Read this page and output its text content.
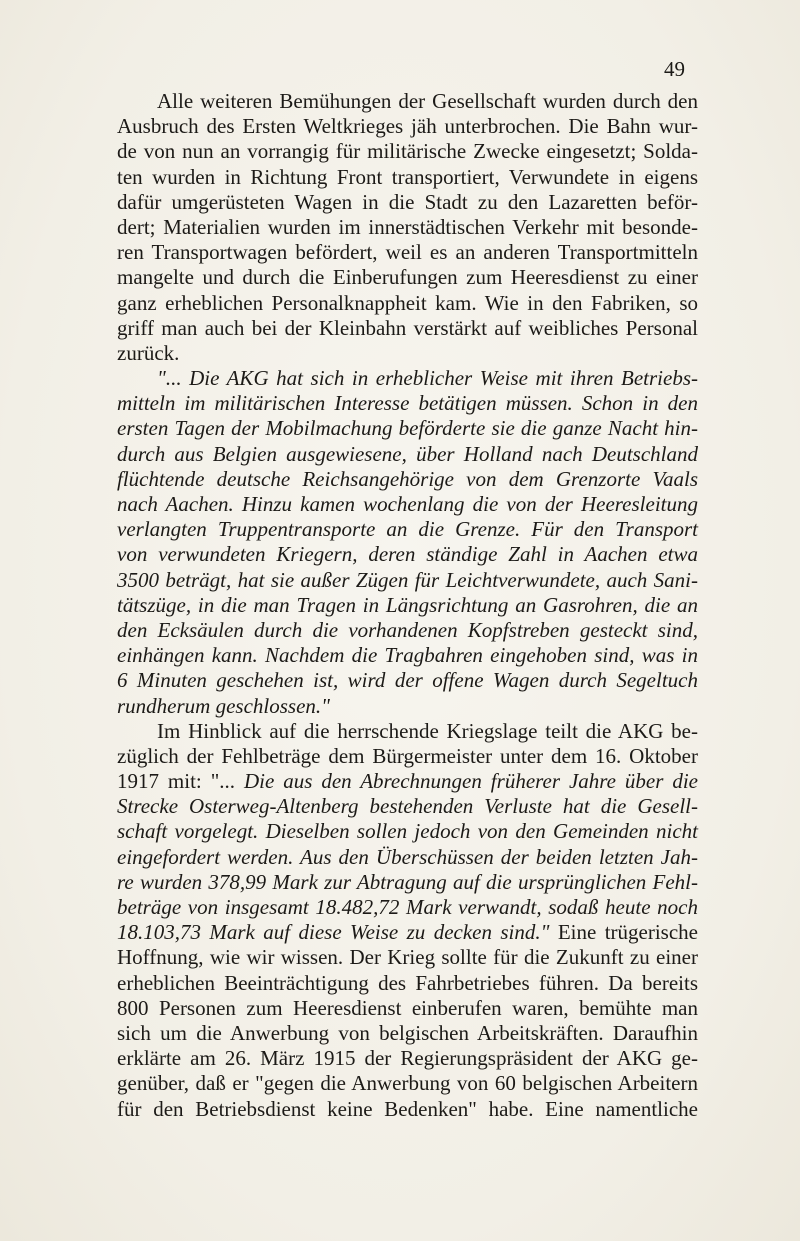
49
Alle weiteren Bemühungen der Gesellschaft wurden durch den
Ausbruch des Ersten Weltkrieges jäh unterbrochen. Die Bahn wur-
de von nun an vorrangig für militärische Zwecke eingesetzt; Solda-
ten wurden in Richtung Front transportiert, Verwundete in eigens
dafür umgerüsteten Wagen in die Stadt zu den Lazaretten beför-
dert; Materialien wurden im innerstädtischen Verkehr mit besonde-
ren Transportwagen befördert, weil es an anderen Transportmitteln
mangelte und durch die Einberufungen zum Heeresdienst zu einer
ganz erheblichen Personalknappheit kam. Wie in den Fabriken, so
griff man auch bei der Kleinbahn verstärkt auf weibliches Personal
zurück.
"... Die AKG hat sich in erheblicher Weise mit ihren Betriebs-
mitteln im militärischen Interesse betätigen müssen. Schon in den
ersten Tagen der Mobilmachung beförderte sie die ganze Nacht hin-
durch aus Belgien ausgewiesene, über Holland nach Deutschland
flüchtende deutsche Reichsangehörige von dem Grenzorte Vaals
nach Aachen. Hinzu kamen wochenlang die von der Heeresleitung
verlangten Truppentransporte an die Grenze. Für den Transport
von verwundeten Kriegern, deren ständige Zahl in Aachen etwa
3500 beträgt, hat sie außer Zügen für Leichtverwundete, auch Sani-
tätszüge, in die man Tragen in Längsrichtung an Gasrohren, die an
den Ecksäulen durch die vorhandenen Kopfstreben gesteckt sind,
einhängen kann. Nachdem die Tragbahren eingehoben sind, was in
6 Minuten geschehen ist, wird der offene Wagen durch Segeltuch
rundherum geschlossen."
Im Hinblick auf die herrschende Kriegslage teilt die AKG be-
züglich der Fehlbeträge dem Bürgermeister unter dem 16. Oktober
1917 mit: "... Die aus den Abrechnungen früherer Jahre über die
Strecke Osterweg-Altenberg bestehenden Verluste hat die Gesell-
schaft vorgelegt. Dieselben sollen jedoch von den Gemeinden nicht
eingefordert werden. Aus den Überschüssen der beiden letzten Jah-
re wurden 378,99 Mark zur Abtragung auf die ursprünglichen Fehl-
beträge von insgesamt 18.482,72 Mark verwandt, sodaß heute noch
18.103,73 Mark auf diese Weise zu decken sind." Eine trügerische
Hoffnung, wie wir wissen. Der Krieg sollte für die Zukunft zu einer
erheblichen Beeinträchtigung des Fahrbetriebes führen. Da bereits
800 Personen zum Heeresdienst einberufen waren, bemühte man
sich um die Anwerbung von belgischen Arbeitskräften. Daraufhin
erklärte am 26. März 1915 der Regierungspräsident der AKG ge-
genüber, daß er "gegen die Anwerbung von 60 belgischen Arbeitern
für den Betriebsdienst keine Bedenken" habe. Eine namentliche
